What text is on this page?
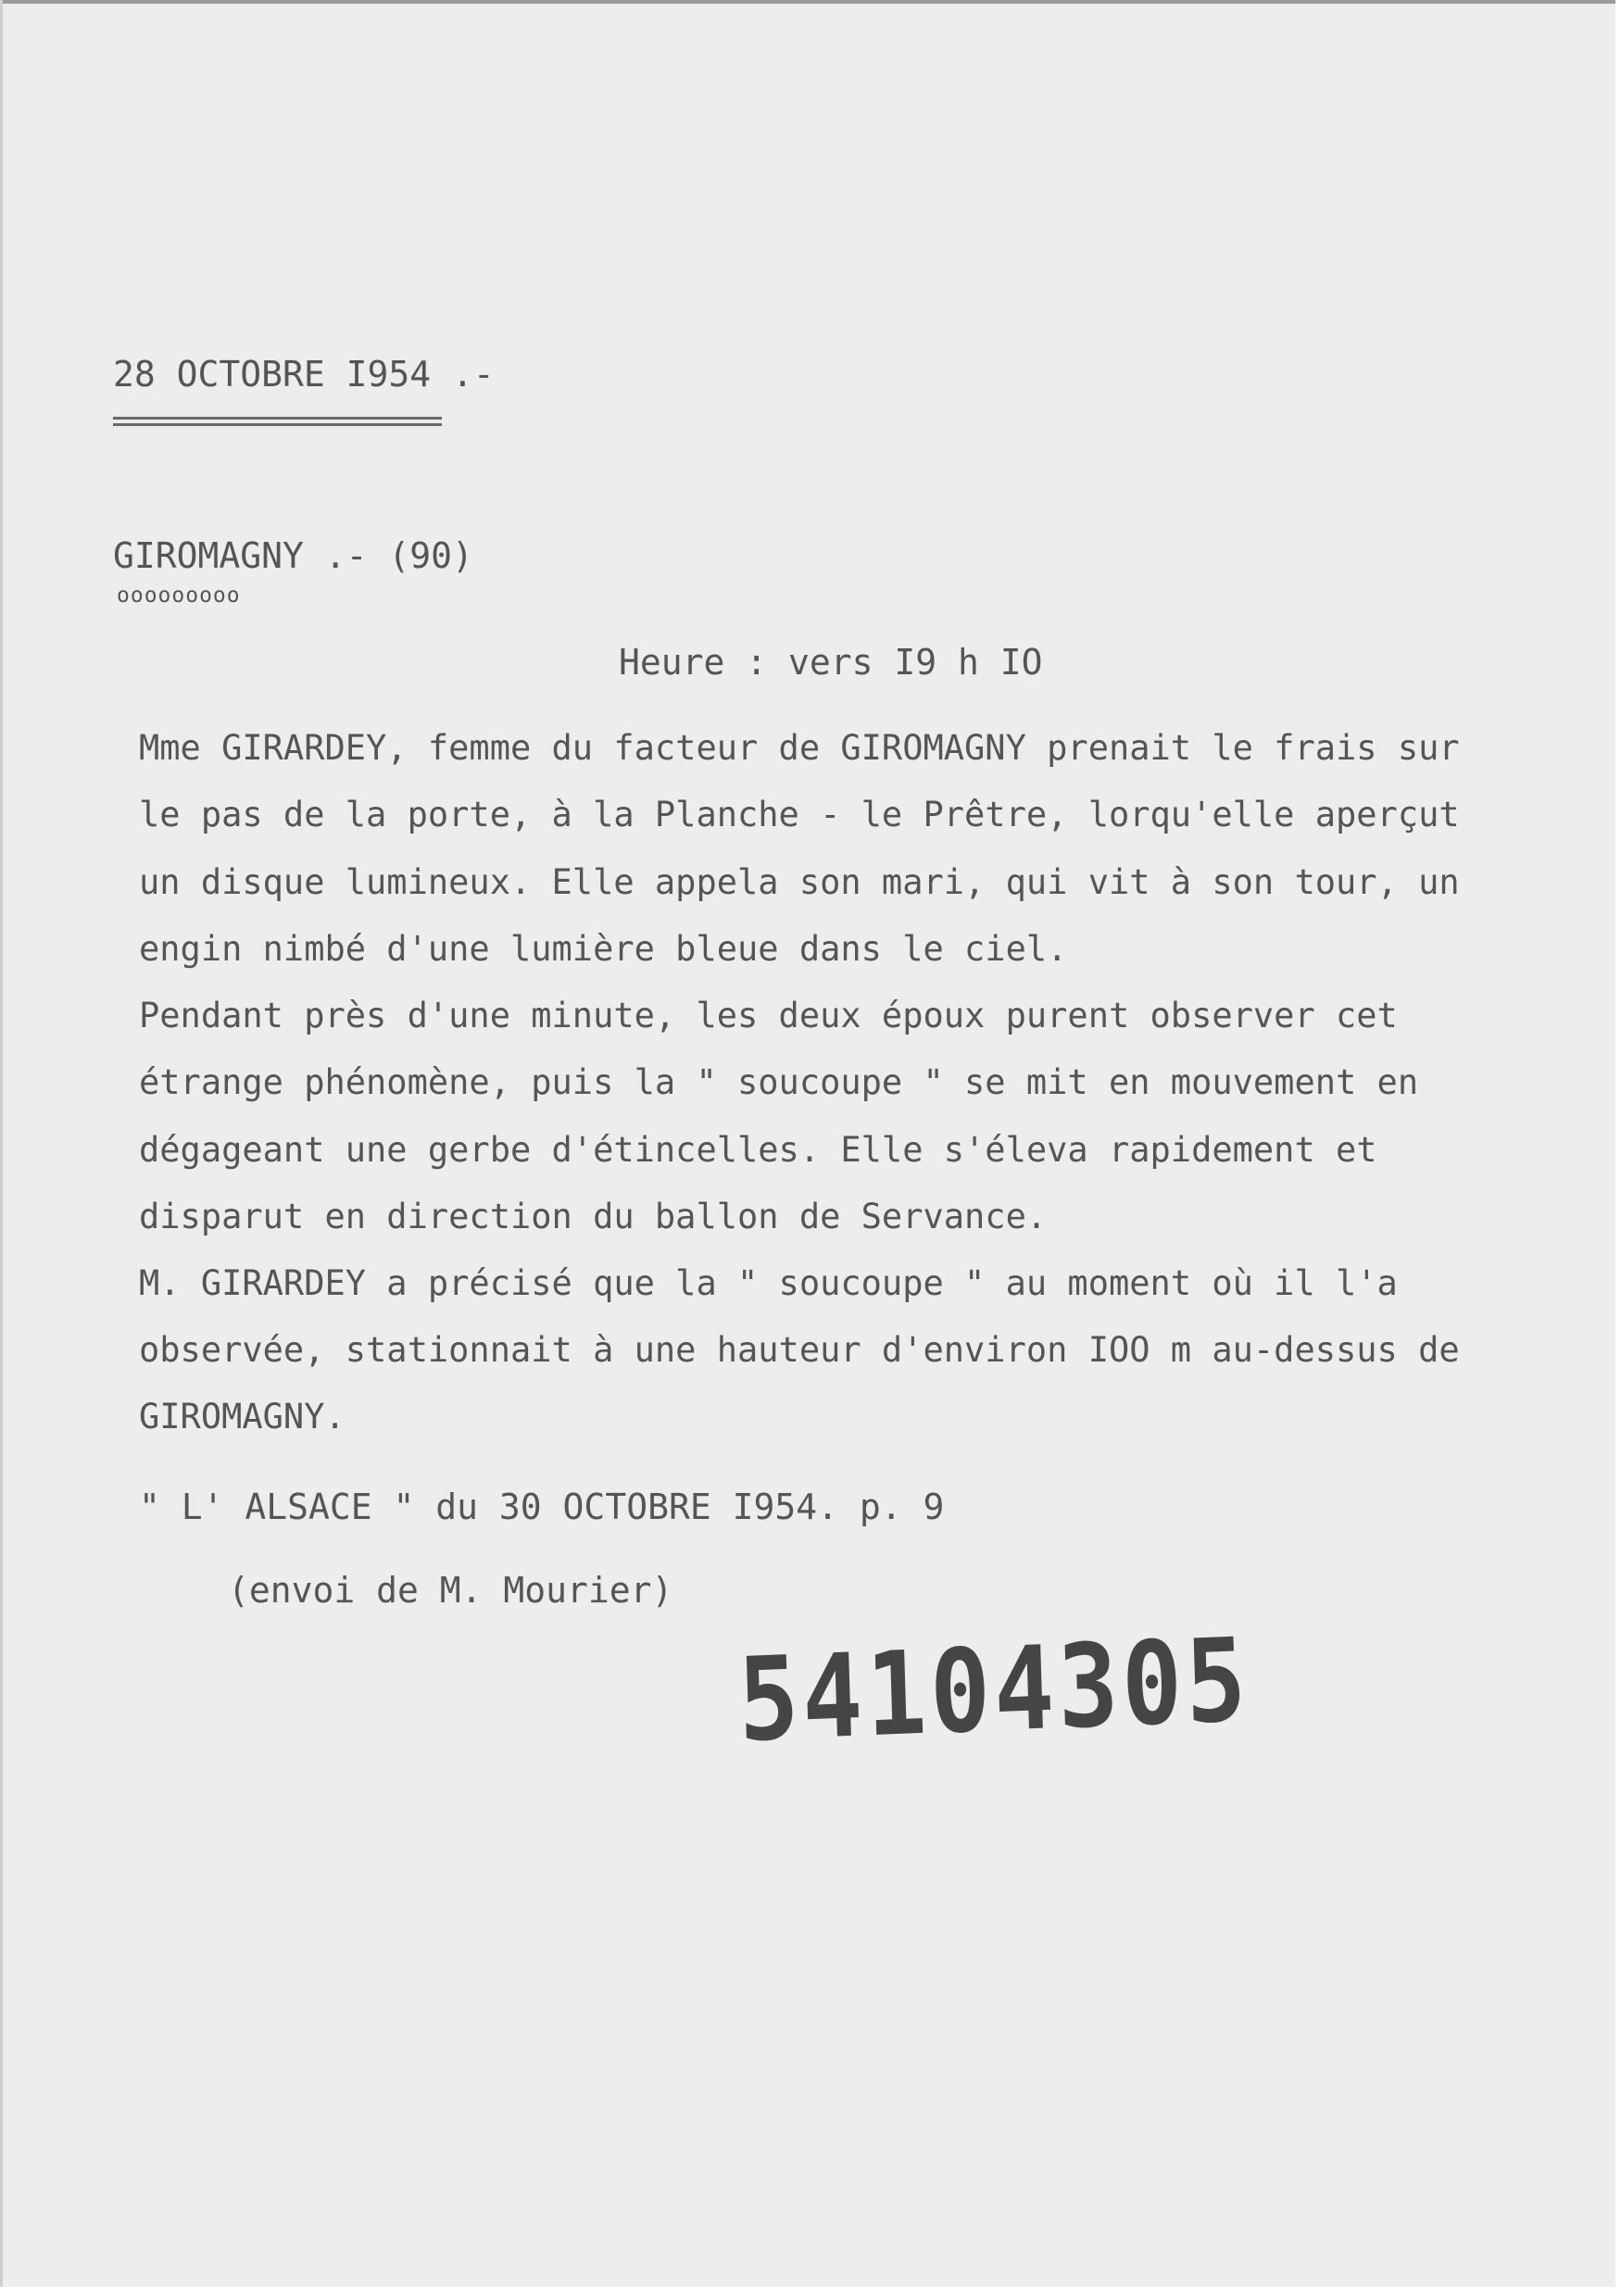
28 OCTOBRE I954 .-
GIROMAGNY .- (90)
ooooooooo
Heure : vers I9 h IO
Mme GIRARDEY, femme du facteur de GIROMAGNY prenait le frais sur
le pas de la porte, à la Planche - le Prêtre, lorqu'elle aperçut
un disque lumineux. Elle appela son mari, qui vit à son tour, un
engin nimbé d'une lumière bleue dans le ciel.
Pendant près d'une minute, les deux époux purent observer cet
étrange phénomène, puis la " soucoupe " se mit en mouvement en
dégageant une gerbe d'étincelles. Elle s'éleva rapidement et
disparut en direction du ballon de Servance.
M. GIRARDEY a précisé que la " soucoupe " au moment où il l'a
observée, stationnait à une hauteur d'environ IOO m au-dessus de
GIROMAGNY.
" L' ALSACE " du 30 OCTOBRE I954. p. 9
(envoi de M. Mourier)
54104305
